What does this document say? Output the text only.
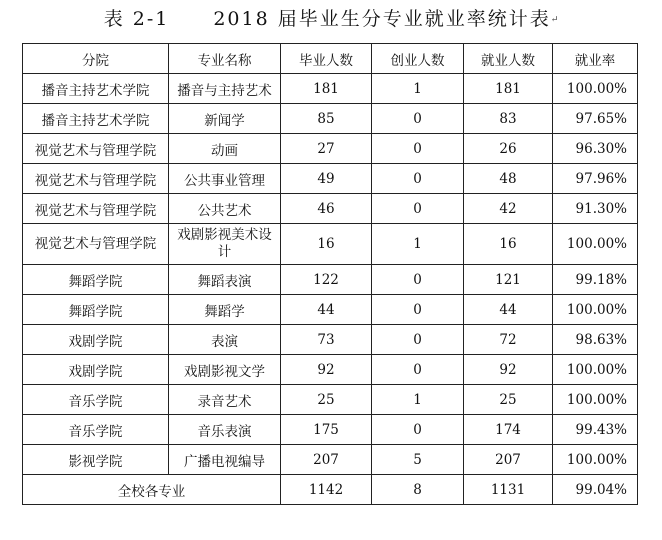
表 2-1 2018 届毕业生分专业就业率统计表↵
分院	专业名称	毕业人数	创业人数	就业人数	就业率
播音主持艺术学院	播音与主持艺术	181	1	181	100.00%
播音主持艺术学院	新闻学	85	0	83	97.65%
视觉艺术与管理学院	动画	27	0	26	96.30%
视觉艺术与管理学院	公共事业管理	49	0	48	97.96%
视觉艺术与管理学院	公共艺术	46	0	42	91.30%
视觉艺术与管理学院	戏剧影视美术设计	16	1	16	100.00%
舞蹈学院	舞蹈表演	122	0	121	99.18%
舞蹈学院	舞蹈学	44	0	44	100.00%
戏剧学院	表演	73	0	72	98.63%
戏剧学院	戏剧影视文学	92	0	92	100.00%
音乐学院	录音艺术	25	1	25	100.00%
音乐学院	音乐表演	175	0	174	99.43%
影视学院	广播电视编导	207	5	207	100.00%
全校各专业		1142	8	1131	99.04%
